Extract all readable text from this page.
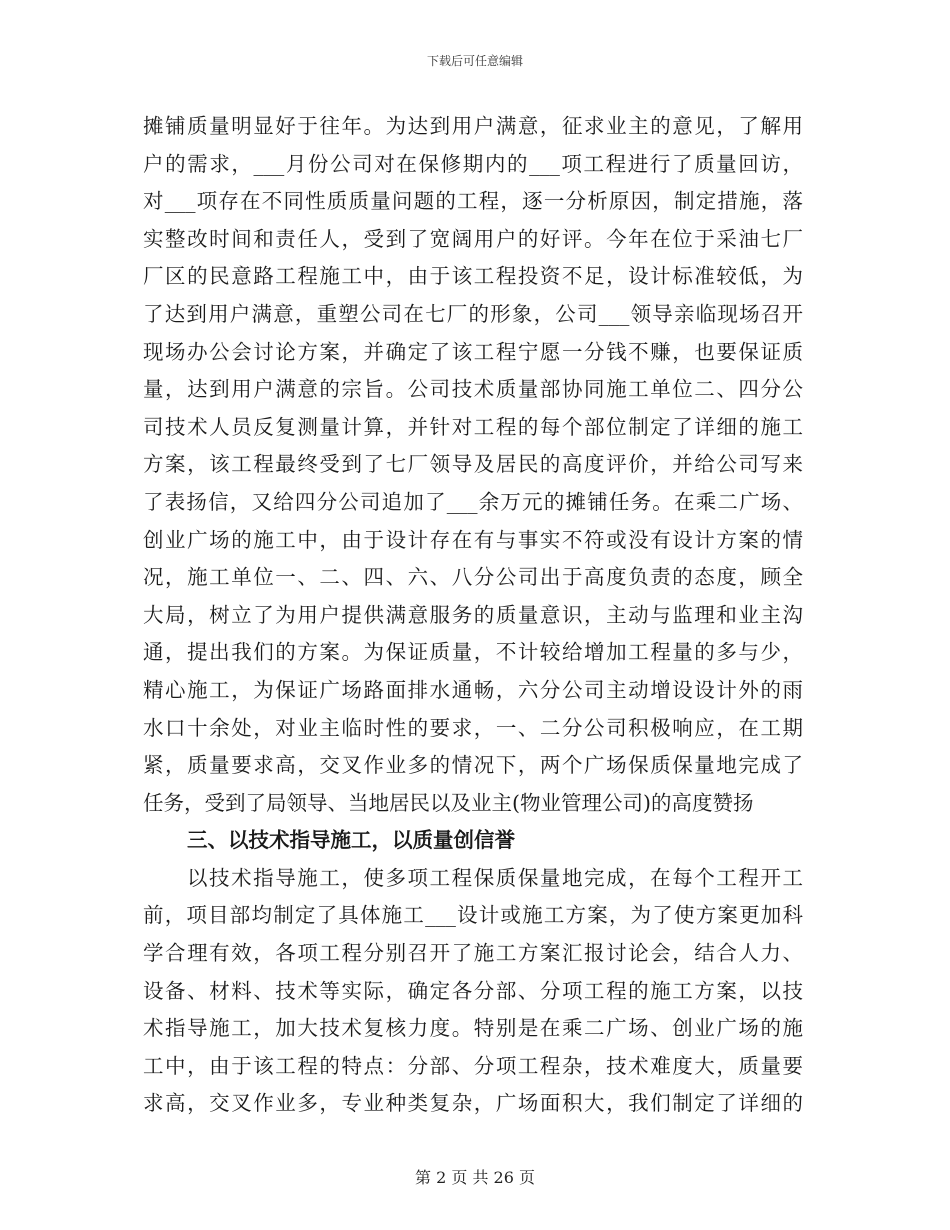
下载后可任意编辑
摊铺质量明显好于往年。为达到用户满意，征求业主的意见，了解用
户的需求，___月份公司对在保修期内的___项工程进行了质量回访，
对___项存在不同性质质量问题的工程，逐一分析原因，制定措施，落
实整改时间和责任人，受到了宽阔用户的好评。今年在位于采油七厂
厂区的民意路工程施工中，由于该工程投资不足，设计标准较低，为
了达到用户满意，重塑公司在七厂的形象，公司___领导亲临现场召开
现场办公会讨论方案，并确定了该工程宁愿一分钱不赚，也要保证质
量，达到用户满意的宗旨。公司技术质量部协同施工单位二、四分公
司技术人员反复测量计算，并针对工程的每个部位制定了详细的施工
方案，该工程最终受到了七厂领导及居民的高度评价，并给公司写来
了表扬信，又给四分公司追加了___余万元的摊铺任务。在乘二广场、
创业广场的施工中，由于设计存在有与事实不符或没有设计方案的情
况，施工单位一、二、四、六、八分公司出于高度负责的态度，顾全
大局，树立了为用户提供满意服务的质量意识，主动与监理和业主沟
通，提出我们的方案。为保证质量，不计较给增加工程量的多与少，
精心施工，为保证广场路面排水通畅，六分公司主动增设设计外的雨
水口十余处，对业主临时性的要求，一、二分公司积极响应，在工期
紧，质量要求高，交叉作业多的情况下，两个广场保质保量地完成了
任务，受到了局领导、当地居民以及业主(物业管理公司)的高度赞扬
三、以技术指导施工，以质量创信誉
以技术指导施工，使多项工程保质保量地完成，在每个工程开工
前，项目部均制定了具体施工___设计或施工方案，为了使方案更加科
学合理有效，各项工程分别召开了施工方案汇报讨论会，结合人力、
设备、材料、技术等实际，确定各分部、分项工程的施工方案，以技
术指导施工，加大技术复核力度。特别是在乘二广场、创业广场的施
工中，由于该工程的特点：分部、分项工程杂，技术难度大，质量要
求高，交叉作业多，专业种类复杂，广场面积大，我们制定了详细的
第 2 页 共 26 页
